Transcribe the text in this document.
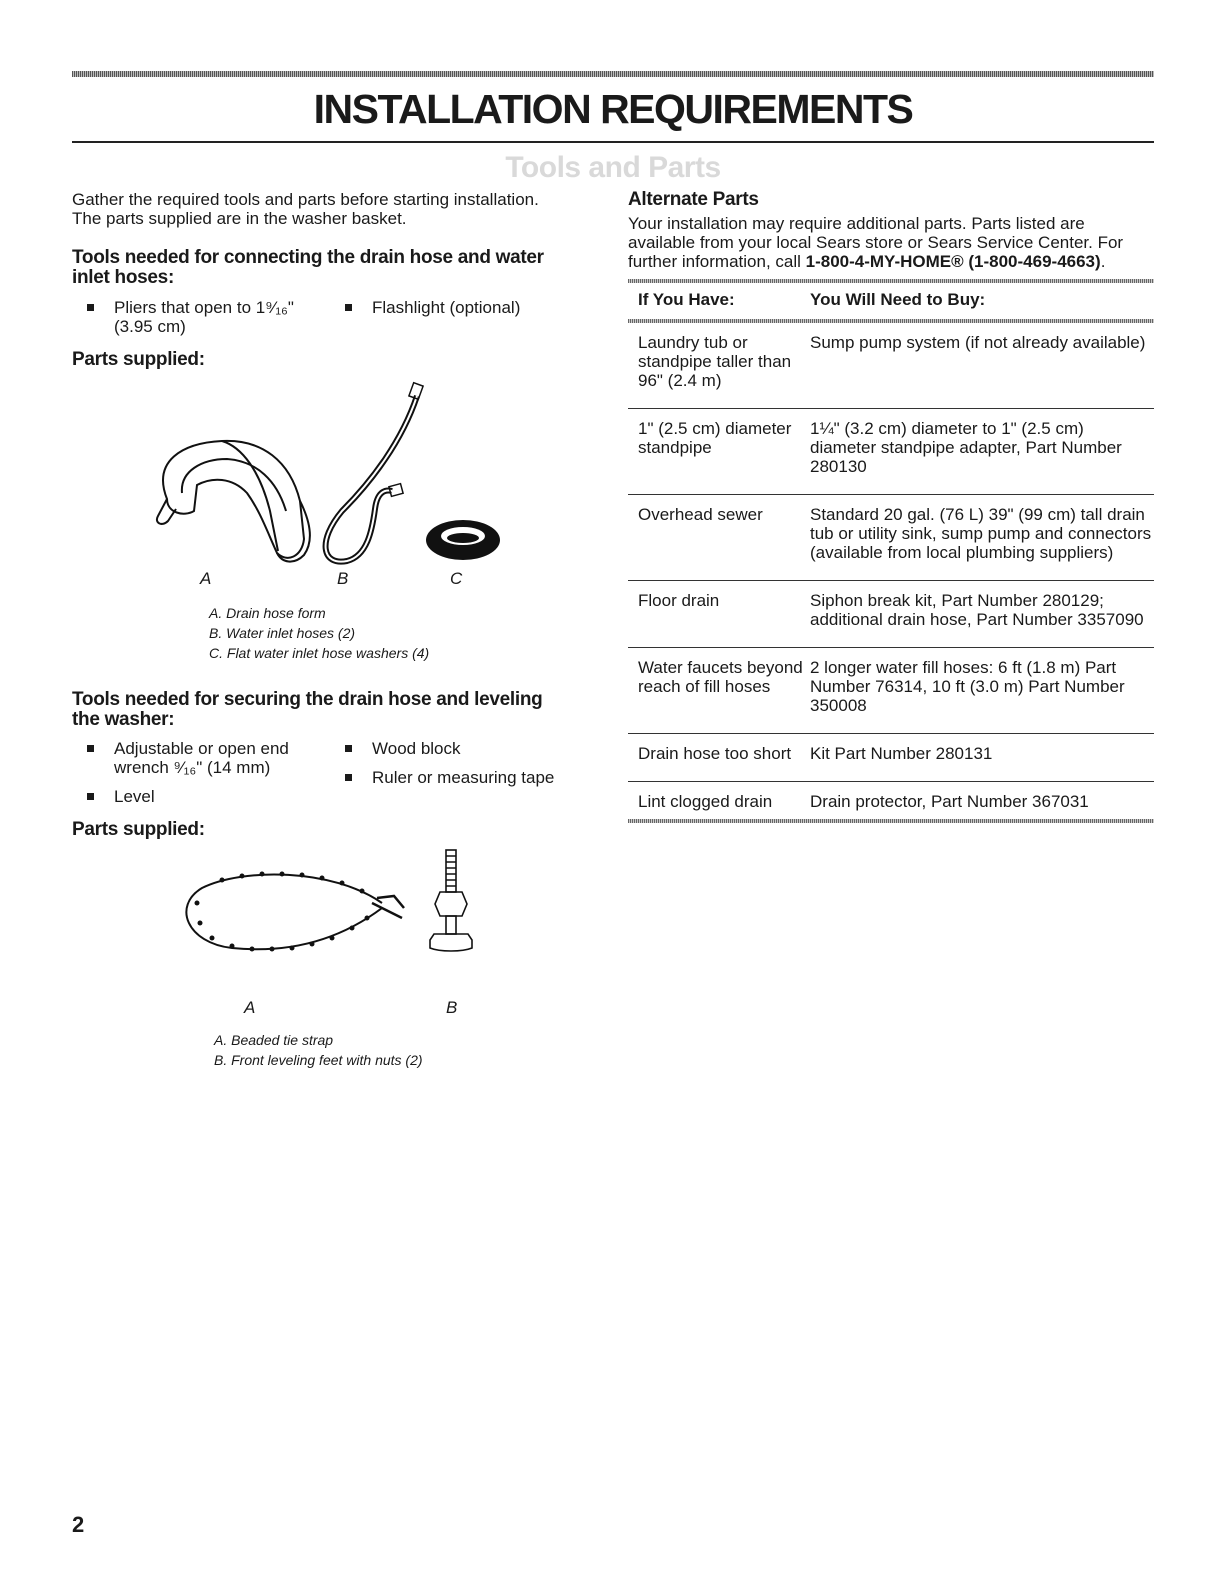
INSTALLATION REQUIREMENTS
Tools and Parts

Gather the required tools and parts before starting installation. The parts supplied are in the washer basket.

Tools needed for connecting the drain hose and water inlet hoses:
Pliers that open to 1⁹⁄₁₆" (3.95 cm)
Flashlight (optional)
Parts supplied:
A	B	C
A. Drain hose form
B. Water inlet hoses (2)
C. Flat water inlet hose washers (4)
Tools needed for securing the drain hose and leveling the washer:
Adjustable or open end wrench ⁹⁄₁₆" (14 mm)
Level
Wood block
Ruler or measuring tape
Parts supplied:
A	B
A. Beaded tie strap
B. Front leveling feet with nuts (2)
Alternate Parts

Your installation may require additional parts. Parts listed are available from your local Sears store or Sears Service Center. For further information, call 1-800-4-MY-HOME® (1-800-469-4663).

If You Have:	You Will Need to Buy:

Laundry tub or standpipe taller than 96" (2.4 m)	Sump pump system (if not already available)
1" (2.5 cm) diameter standpipe	1¼" (3.2 cm) diameter to 1" (2.5 cm) diameter standpipe adapter, Part Number 280130
Overhead sewer	Standard 20 gal. (76 L) 39" (99 cm) tall drain tub or utility sink, sump pump and connectors (available from local plumbing suppliers)
Floor drain	Siphon break kit, Part Number 280129; additional drain hose, Part Number 3357090
Water faucets beyond reach of fill hoses	2 longer water fill hoses: 6 ft (1.8 m) Part Number 76314, 10 ft (3.0 m) Part Number 350008
Drain hose too short	Kit Part Number 280131
Lint clogged drain	Drain protector, Part Number 367031
2
